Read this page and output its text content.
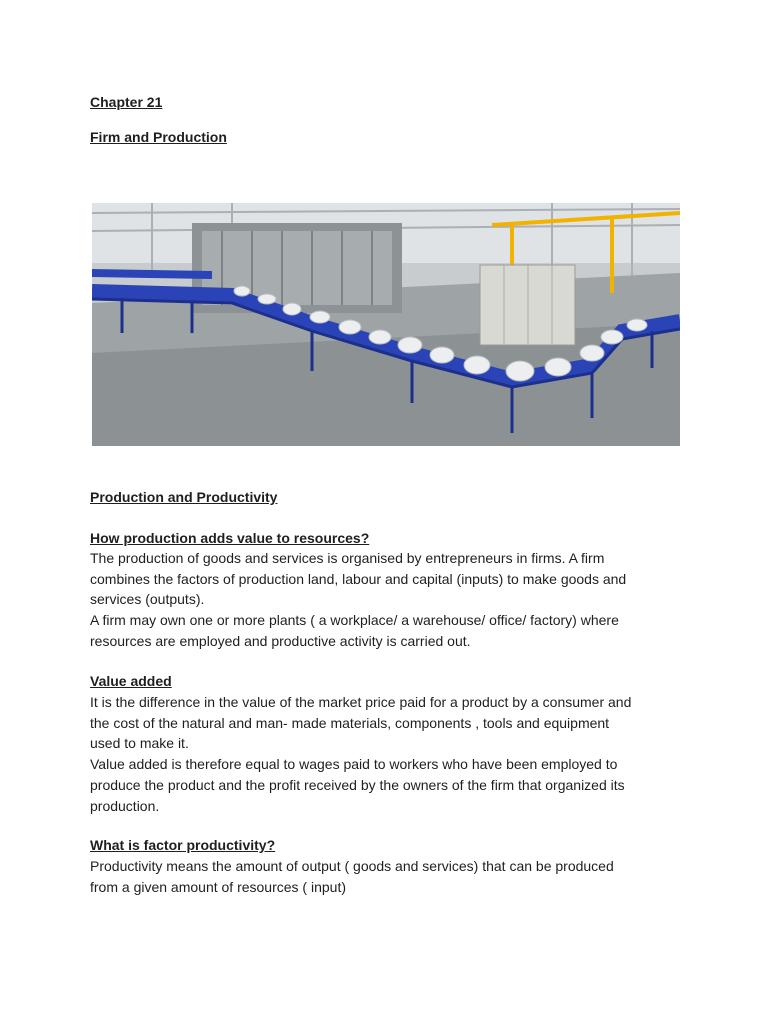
Chapter 21

Firm and Production

Production and Productivity

How production adds value to resources?

The production of goods and services is organised by entrepreneurs in firms. A firm
combines the factors of production land, labour and capital (inputs) to make goods and
services (outputs).
A firm may own one or more plants ( a workplace/ a warehouse/ office/ factory) where
resources are employed and productive activity is carried out.

Value added

It is the difference in the value of the market price paid for a product by a consumer and
the cost of the natural and man- made materials, components , tools and equipment
used to make it.
Value added is therefore equal to wages paid to workers who have been employed to
produce the product and the profit received by the owners of the firm that organized its
production.

What is factor productivity?

Productivity means the amount of output ( goods and services) that can be produced
from a given amount of resources ( input)
